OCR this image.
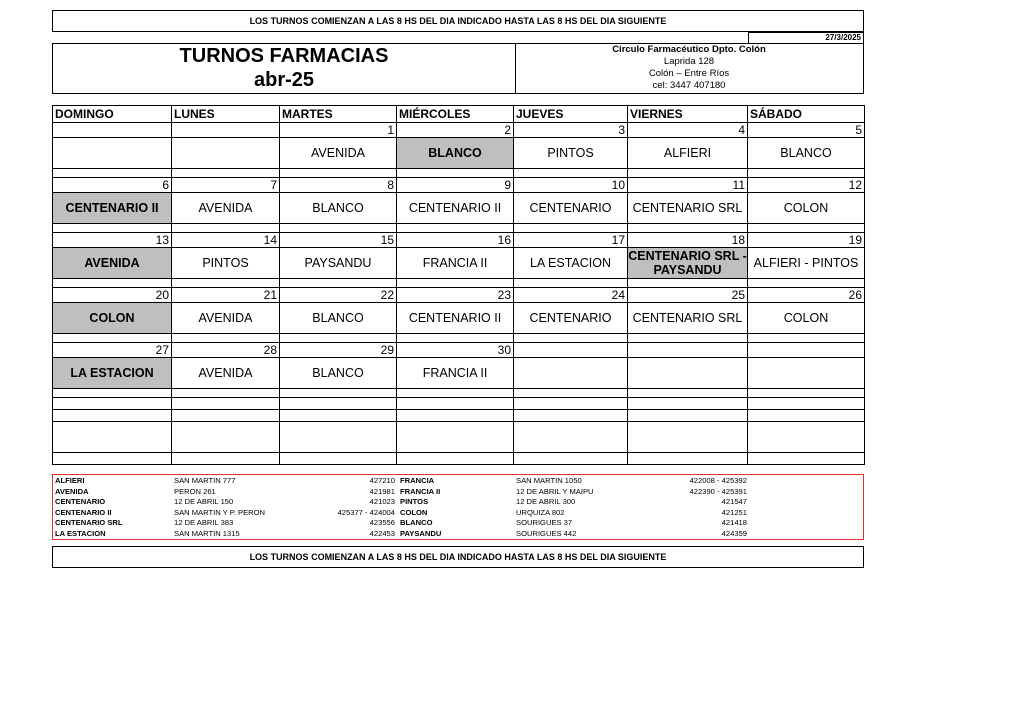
LOS TURNOS COMIENZAN A LAS 8 HS DEL DIA INDICADO HASTA LAS 8 HS DEL DIA SIGUIENTE
27/3/2025
TURNOS FARMACIAS
abr-25
Circulo Farmacéutico Dpto. Colón
Laprida 128
Colón – Entre Ríos
cel: 3447 407180
DOMINGO	LUNES	MARTES	MIÉRCOLES	JUEVES	VIERNES	SÁBADO
		1	2	3	4	5
		AVENIDA	BLANCO	PINTOS	ALFIERI	BLANCO

6	7	8	9	10	11	12
CENTENARIO II	AVENIDA	BLANCO	CENTENARIO II	CENTENARIO	CENTENARIO SRL	COLON

13	14	15	16	17	18	19
AVENIDA	PINTOS	PAYSANDU	FRANCIA II	LA ESTACION	CENTENARIO SRL - PAYSANDU	ALFIERI - PINTOS

20	21	22	23	24	25	26
COLON	AVENIDA	BLANCO	CENTENARIO II	CENTENARIO	CENTENARIO SRL	COLON

27	28	29	30			
LA ESTACION	AVENIDA	BLANCO	FRANCIA II			

ALFIERI	SAN MARTIN 777	427210
AVENIDA	PERON 261	421981
CENTENARIO	12 DE ABRIL 150	421023
CENTENARIO II	SAN MARTIN Y P. PERON	425377 - 424004
CENTENARIO SRL	12 DE ABRIL 383	423556
LA ESTACION	SAN MARTIN 1315	422453
FRANCIA	SAN MARTIN 1050	422008 - 425392
FRANCIA II	12 DE ABRIL Y MAIPU	422390 - 425391
PINTOS	12 DE ABRIL 300	421547
COLON	URQUIZA 802	421251
BLANCO	SOURIGUES 37	421418
PAYSANDU	SOURIGUES 442	424359
LOS TURNOS COMIENZAN A LAS 8 HS DEL DIA INDICADO HASTA LAS 8 HS DEL DIA SIGUIENTE
